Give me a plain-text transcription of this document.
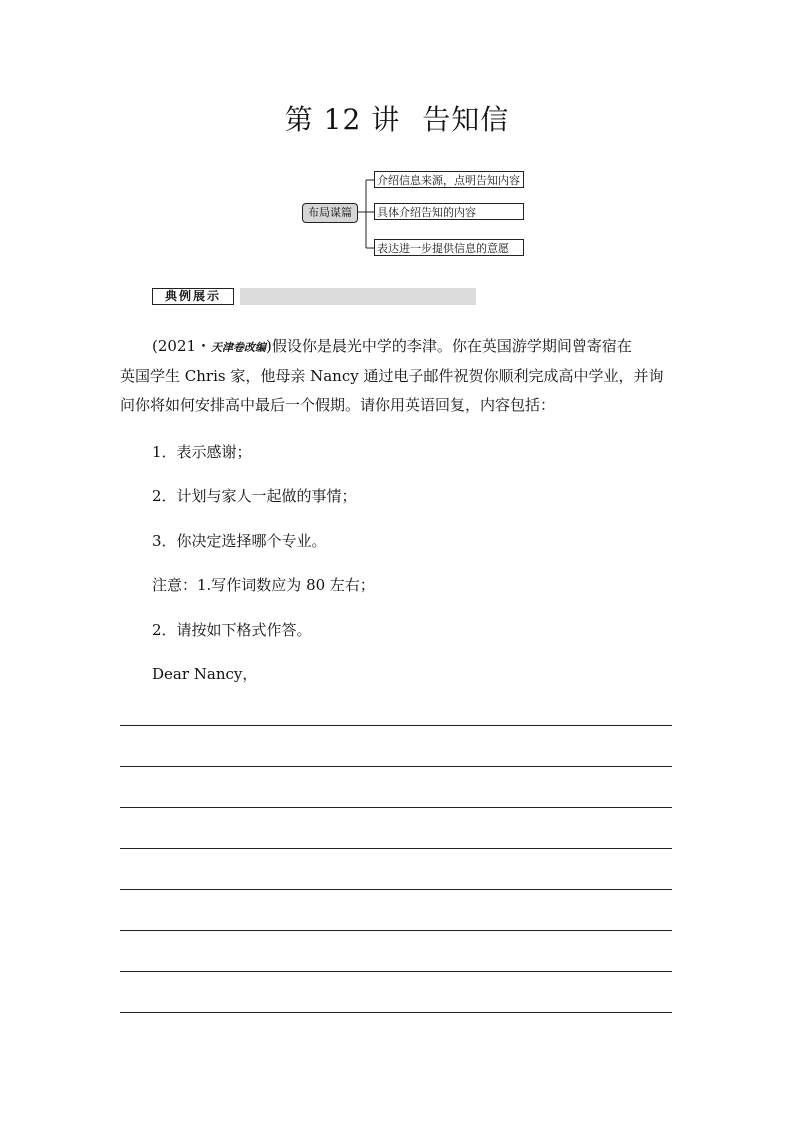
第 12 讲 告知信
布局谋篇
介绍信息来源，点明告知内容
具体介绍告知的内容
表达进一步提供信息的意愿
典例展示
(2021・天津卷改编)假设你是晨光中学的李津。你在英国游学期间曾寄宿在
英国学生 Chris 家，他母亲 Nancy 通过电子邮件祝贺你顺利完成高中学业，并询
问你将如何安排高中最后一个假期。请你用英语回复，内容包括：
1．表示感谢；
2．计划与家人一起做的事情；
3．你决定选择哪个专业。
注意：1.写作词数应为 80 左右；
2．请按如下格式作答。
Dear Nancy，
